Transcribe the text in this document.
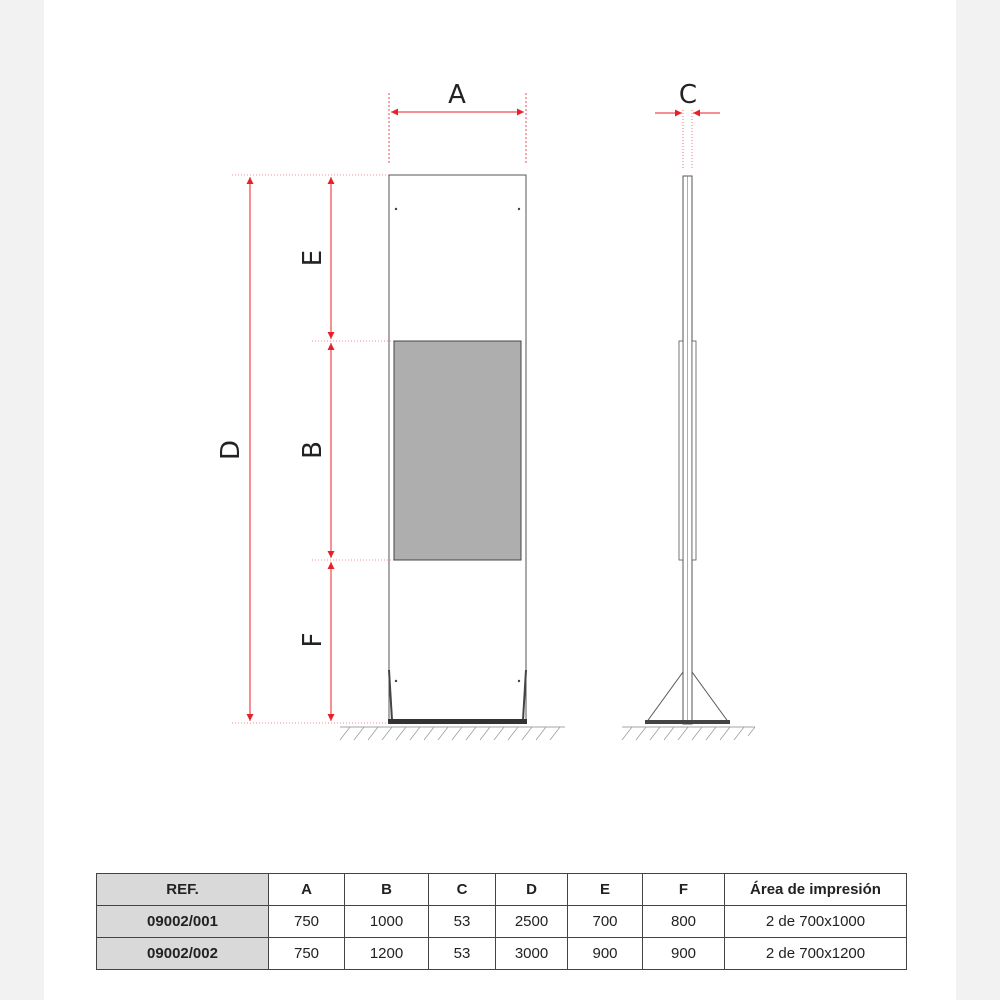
A
D
E
B
F
C
REF.	A	B	C	D	E	F	Área de impresión
09002/001	750	1000	53	2500	700	800	2 de 700x1000
09002/002	750	1200	53	3000	900	900	2 de 700x1200
